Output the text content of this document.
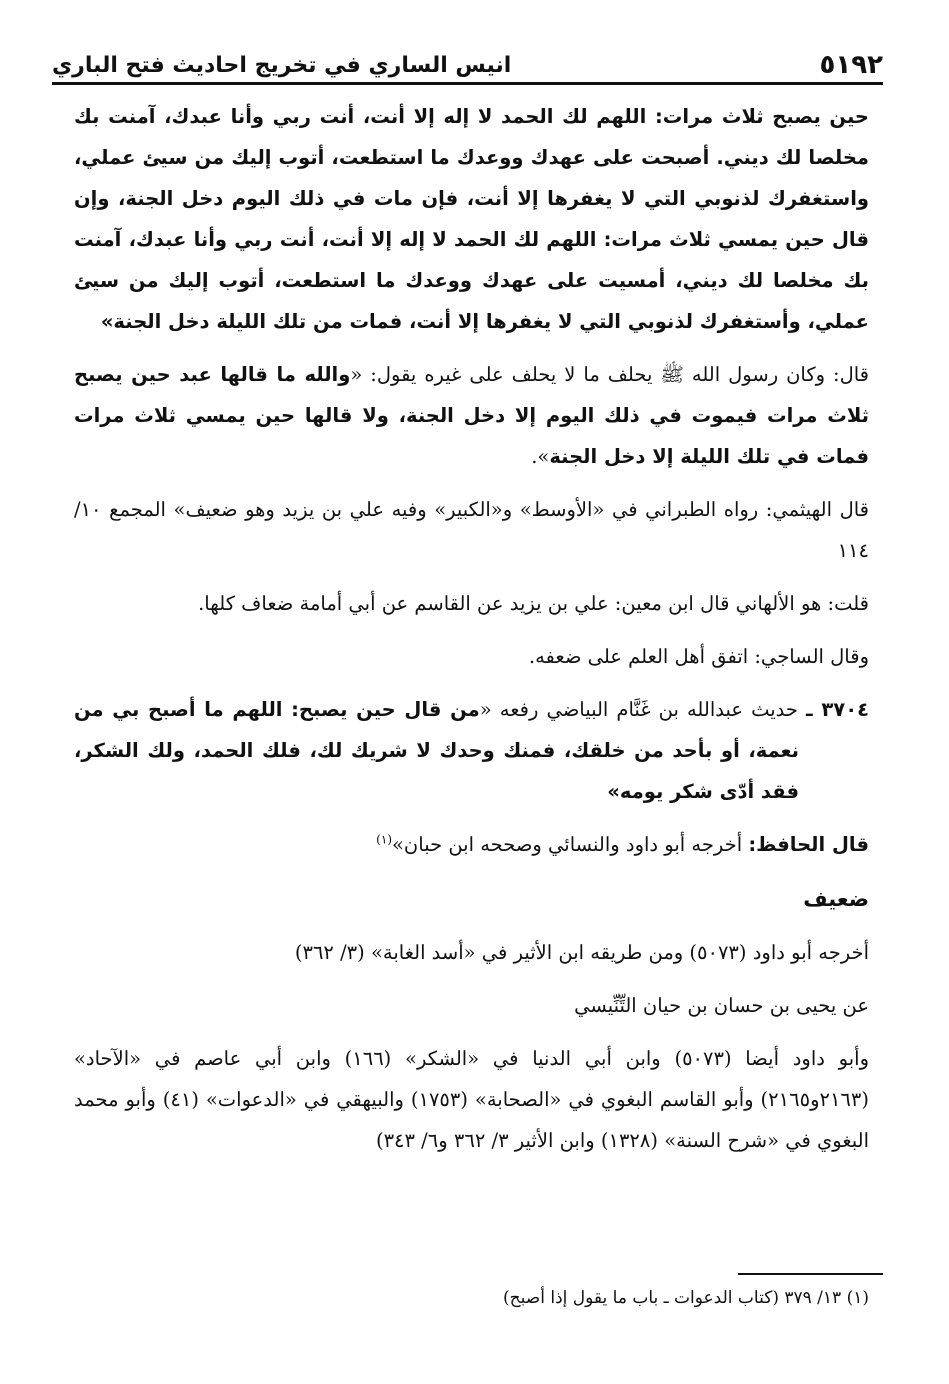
٥١٩٢
انيس الساري في تخريج احاديث فتح الباري

حين يصبح ثلاث مرات: اللهم لك الحمد لا إله إلا أنت، أنت ربي وأنا عبدك، آمنت بك مخلصا لك ديني. أصبحت على عهدك ووعدك ما استطعت، أتوب إليك من سيئ عملي، واستغفرك لذنوبي التي لا يغفرها إلا أنت، فإن مات في ذلك اليوم دخل الجنة، وإن قال حين يمسي ثلاث مرات: اللهم لك الحمد لا إله إلا أنت، أنت ربي وأنا عبدك، آمنت بك مخلصا لك ديني، أمسيت على عهدك ووعدك ما استطعت، أتوب إليك من سيئ عملي، وأستغفرك لذنوبي التي لا يغفرها إلا أنت، فمات من تلك الليلة دخل الجنة»

قال: وكان رسول الله ﷺ يحلف ما لا يحلف على غيره يقول: «والله ما قالها عبد حين يصبح ثلاث مرات فيموت في ذلك اليوم إلا دخل الجنة، ولا قالها حين يمسي ثلاث مرات فمات في تلك الليلة إلا دخل الجنة».

قال الهيثمي: رواه الطبراني في «الأوسط» و«الكبير» وفيه علي بن يزيد وهو ضعيف» المجمع ١٠/ ١١٤

قلت: هو الألهاني قال ابن معين: علي بن يزيد عن القاسم عن أبي أمامة ضعاف كلها.

وقال الساجي: اتفق أهل العلم على ضعفه.

٣٧٠٤ ـ حديث عبدالله بن غَنَّام البياضي رفعه «من قال حين يصبح: اللهم ما أصبح بي من نعمة، أو بأحد من خلقك، فمنك وحدك لا شريك لك، فلك الحمد، ولك الشكر، فقد أدّى شكر يومه»

قال الحافظ: أخرجه أبو داود والنسائي وصححه ابن حبان»$^{(١)}$

ضعيف

أخرجه أبو داود (٥٠٧٣) ومن طريقه ابن الأثير في «أسد الغابة» (٣/ ٣٦٢)

عن يحيى بن حسان بن حيان التِّنِّيسي

وأبو داود أيضا (٥٠٧٣) وابن أبي الدنيا في «الشكر» (١٦٦) وابن أبي عاصم في «الآحاد» (٢١٦٣و٢١٦٥) وأبو القاسم البغوي في «الصحابة» (١٧٥٣) والبيهقي في «الدعوات» (٤١) وأبو محمد البغوي في «شرح السنة» (١٣٢٨) وابن الأثير ٣/ ٣٦٢ و٦/ ٣٤٣)

(١) ١٣/ ٣٧٩ (كتاب الدعوات ـ باب ما يقول إذا أصبح)
